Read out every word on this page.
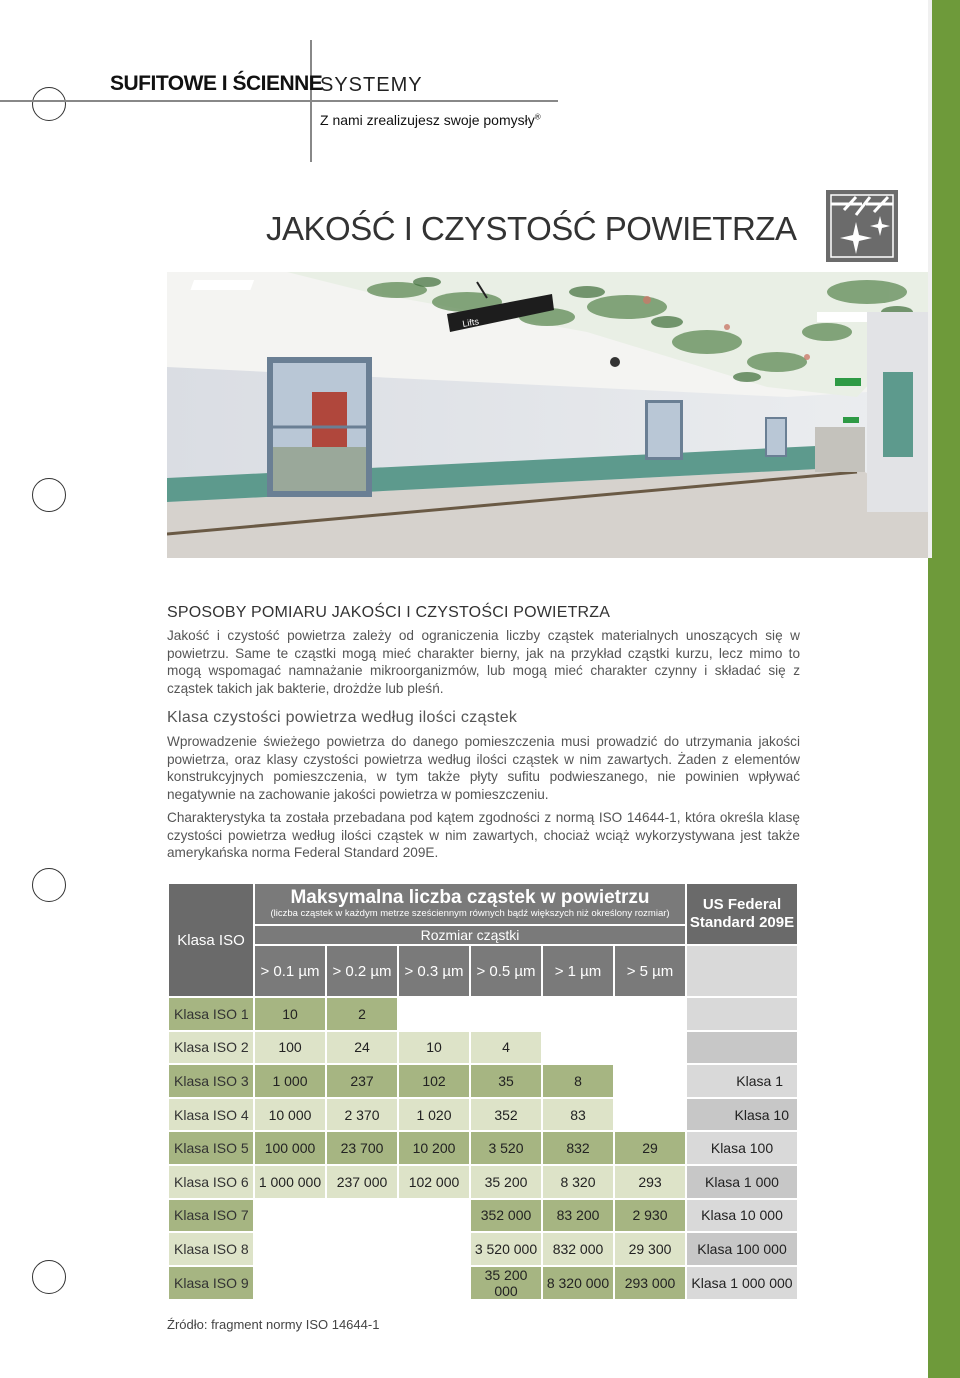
SUFITOWE I ŚCIENNE
SYSTEMY
Z nami zrealizujesz swoje pomysły®
JAKOŚĆ I CZYSTOŚĆ POWIETRZA
Lifts
SPOSOBY POMIARU JAKOŚCI I CZYSTOŚCI POWIETRZA
Jakość i czystość powietrza zależy od ograniczenia liczby cząstek materialnych unoszących się w powietrzu. Same te cząstki mogą mieć charakter bierny, jak na przykład cząstki kurzu, lecz mimo to mogą wspomagać namnażanie mikroorganizmów, lub mogą mieć charakter czynny i składać się z cząstek takich jak bakterie, drożdże lub pleśń.
Klasa czystości powietrza według ilości cząstek
Wprowadzenie świeżego powietrza do danego pomieszczenia musi prowadzić do utrzymania jakości powietrza, oraz klasy czystości powietrza według ilości cząstek w nim zawartych. Żaden z elementów konstrukcyjnych pomieszczenia, w tym także płyty sufitu podwieszanego, nie powinien wpływać negatywnie na zachowanie jakości powietrza w pomieszczeniu.
Charakterystyka ta została przebadana pod kątem zgodności z normą ISO 14644-1, która określa klasę czystości powietrza według ilości cząstek w nim zawartych, chociaż wciąż wykorzystywana jest także amerykańska norma Federal Standard 209E.
Klasa ISO	Maksymalna liczba cząstek w powietrzu
(liczba cząstek w każdym metrze sześciennym równych bądź większych niż określony rozmiar)						US Federal Standard 209E
	Rozmiar cząstki						
	> 0.1 µm	> 0.2 µm	> 0.3 µm	> 0.5 µm	> 1 µm	> 5 µm	
Klasa ISO 1	10	2					
Klasa ISO 2	100	24	10	4			
Klasa ISO 3	1 000	237	102	35	8		Klasa 1
Klasa ISO 4	10 000	2 370	1 020	352	83		Klasa 10
Klasa ISO 5	100 000	23 700	10 200	3 520	832	29	Klasa 100
Klasa ISO 6	1 000 000	237 000	102 000	35 200	8 320	293	Klasa 1 000
Klasa ISO 7				352 000	83 200	2 930	Klasa 10 000
Klasa ISO 8				3 520 000	832 000	29 300	Klasa 100 000
Klasa ISO 9				35 200 000	8 320 000	293 000	Klasa 1 000 000
Źródło: fragment normy ISO 14644-1
